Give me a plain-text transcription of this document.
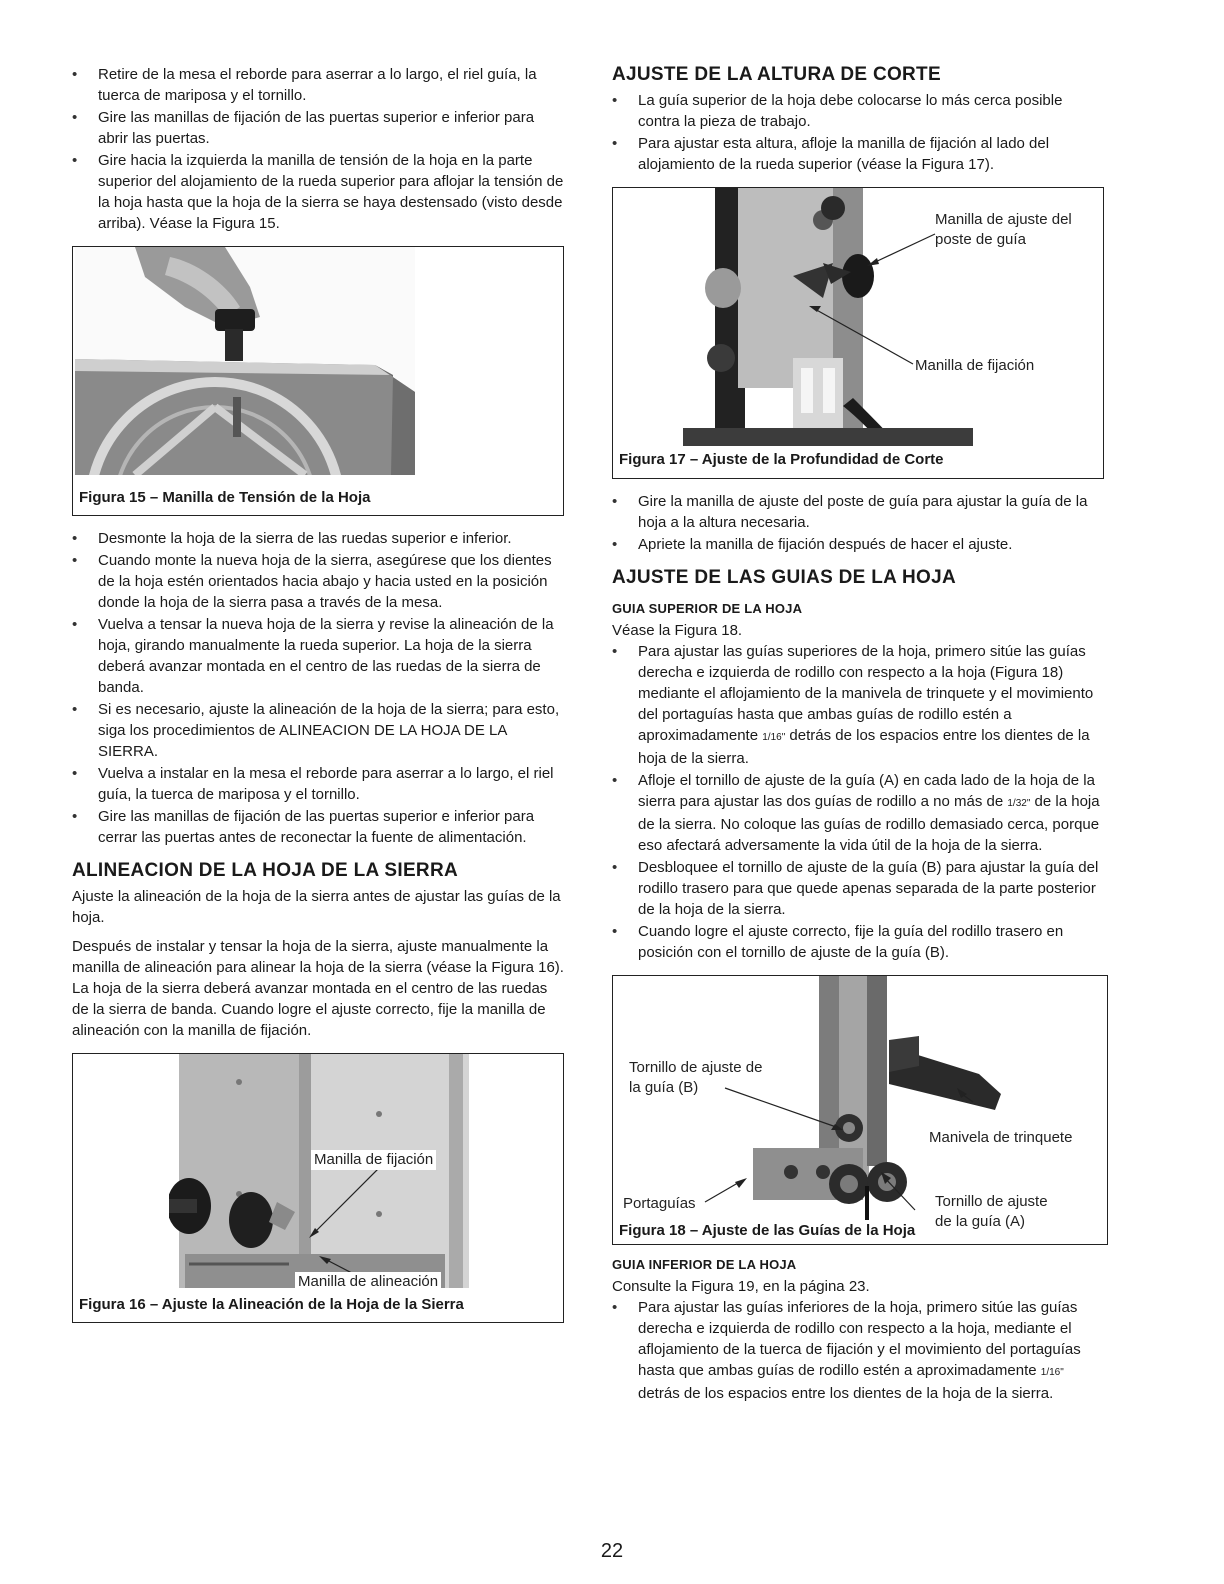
• Retire de la mesa el reborde para aserrar a lo largo, el riel guía, la tuerca de mariposa y el tornillo.
• Gire las manillas de fijación de las puertas superior e inferior para abrir las puertas.
• Gire hacia la izquierda la manilla de tensión de la hoja en la parte superior del alojamiento de la rueda superior para aflojar la tensión de la hoja hasta que la hoja de la sierra se haya destensado (visto desde arriba). Véase la Figura 15.
Figura 15 – Manilla de Tensión de la Hoja
• Desmonte la hoja de la sierra de las ruedas superior e inferior.
• Cuando monte la nueva hoja de la sierra, asegúrese que los dientes de la hoja estén orientados hacia abajo y hacia usted en la posición donde la hoja de la sierra pasa a través de la mesa.
• Vuelva a tensar la nueva hoja de la sierra y revise la alineación de la hoja, girando manualmente la rueda superior. La hoja de la sierra deberá avanzar montada en el centro de las ruedas de la sierra de banda.
• Si es necesario, ajuste la alineación de la hoja de la sierra; para esto, siga los procedimientos de ALINEACION DE LA HOJA DE LA SIERRA.
• Vuelva a instalar en la mesa el reborde para aserrar a lo largo, el riel guía, la tuerca de mariposa y el tornillo.
• Gire las manillas de fijación de las puertas superior e inferior para cerrar las puertas antes de reconectar la fuente de alimentación.
ALINEACION DE LA HOJA DE LA SIERRA

Ajuste la alineación de la hoja de la sierra antes de ajustar las guías de la hoja.

Después de instalar y tensar la hoja de la sierra, ajuste manualmente la manilla de alineación para alinear la hoja de la sierra (véase la Figura 16). La hoja de la sierra deberá avanzar montada en el centro de las ruedas de la sierra de banda. Cuando logre el ajuste correcto, fije la manilla de alineación con la manilla de fijación.

Manilla de fijación
Manilla de alineación
Figura 16 – Ajuste la Alineación de la Hoja de la Sierra
AJUSTE DE LA ALTURA DE CORTE
• La guía superior de la hoja debe colocarse lo más cerca posible contra la pieza de trabajo.
• Para ajustar esta altura, afloje la manilla de fijación al lado del alojamiento de la rueda superior (véase la Figura 17).
Manilla de ajuste del
poste de guía
Manilla de fijación
Figura 17 – Ajuste de la Profundidad de Corte
• Gire la manilla de ajuste del poste de guía para ajustar la guía de la hoja a la altura necesaria.
• Apriete la manilla de fijación después de hacer el ajuste.
AJUSTE DE LAS GUIAS DE LA HOJA
GUIA SUPERIOR DE LA HOJA

Véase la Figura 18.

• Para ajustar las guías superiores de la hoja, primero sitúe las guías derecha e izquierda de rodillo con respecto a la hoja (Figura 18) mediante el aflojamiento de la manivela de trinquete y el movimiento del portaguías hasta que ambas guías de rodillo estén a aproximadamente 1/16" detrás de los espacios entre los dientes de la hoja de la sierra.
• Afloje el tornillo de ajuste de la guía (A) en cada lado de la hoja de la sierra para ajustar las dos guías de rodillo a no más de 1/32" de la hoja de la sierra. No coloque las guías de rodillo demasiado cerca, porque eso afectará adversamente la vida útil de la hoja de la sierra.
• Desbloquee el tornillo de ajuste de la guía (B) para ajustar la guía del rodillo trasero para que quede apenas separada de la parte posterior de la hoja de la sierra.
• Cuando logre el ajuste correcto, fije la guía del rodillo trasero en posición con el tornillo de ajuste de la guía (B).
Tornillo de ajuste de
la guía (B)
Manivela de trinquete
Portaguías	Tornillo de ajuste
de la guía (A)
Figura 18 – Ajuste de las Guías de la Hoja
GUIA INFERIOR DE LA HOJA

Consulte la Figura 19, en la página 23.

• Para ajustar las guías inferiores de la hoja, primero sitúe las guías derecha e izquierda de rodillo con respecto a la hoja, mediante el aflojamiento de la tuerca de fijación y el movimiento del portaguías hasta que ambas guías de rodillo estén a aproximadamente 1/16" detrás de los espacios entre los dientes de la hoja de la sierra.
22
